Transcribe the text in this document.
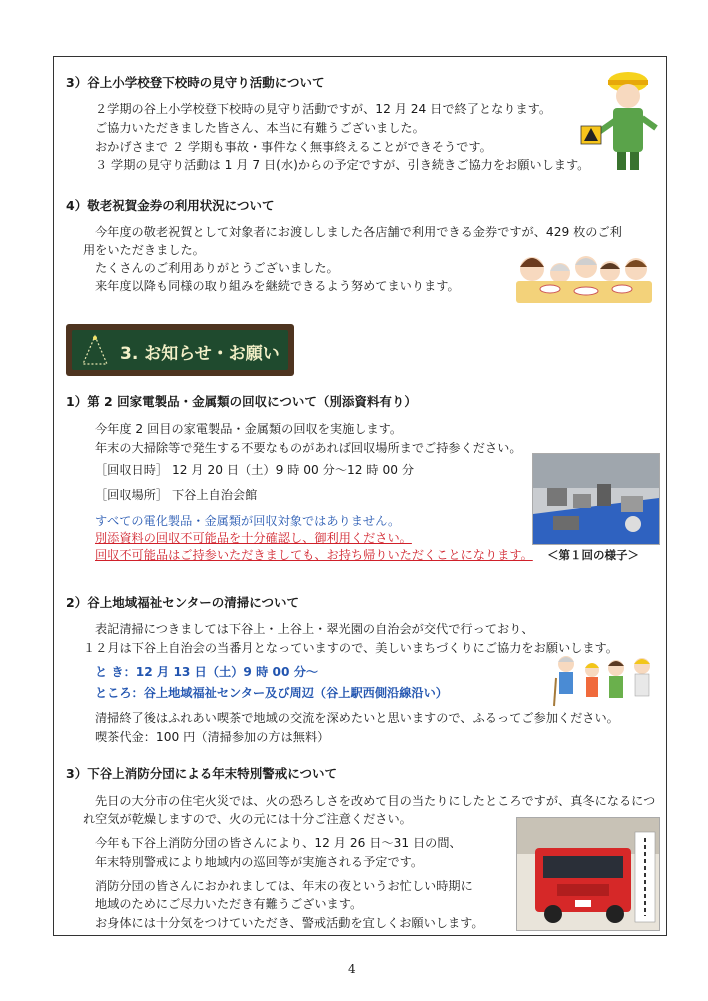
3）谷上小学校登下校時の見守り活動について
２学期の谷上小学校登下校時の見守り活動ですが、12 月 24 日で終了となります。
ご協力いただきました皆さん、本当に有難うございました。
おかげさまで ２ 学期も事故・事件なく無事終えることができそうです。
３ 学期の見守り活動は 1 月 7 日(水)からの予定ですが、引き続きご協力をお願いします。
4）敬老祝賀金券の利用状況について
今年度の敬老祝賀として対象者にお渡ししました各店舗で利用できる金券ですが、429 枚のご利
用をいただきました。
たくさんのご利用ありがとうございました。
来年度以降も同様の取り組みを継続できるよう努めてまいります。
3. お知らせ・お願い
1）第 2 回家電製品・金属類の回収について（別添資料有り）
今年度 2 回目の家電製品・金属類の回収を実施します。
年末の大掃除等で発生する不要なものがあれば回収場所までご持参ください。
［回収日時］ 12 月 20 日（土）9 時 00 分～12 時 00 分
［回収場所］ 下谷上自治会館
すべての電化製品・金属類が回収対象ではありません。
別添資料の回収不可能品を十分確認し、御利用ください。
回収不可能品はご持参いただきましても、お持ち帰りいただくことになります。 ＜第１回の様子＞
2）谷上地域福祉センターの清掃について
表記清掃につきましては下谷上・上谷上・翠光園の自治会が交代で行っており、
１２月は下谷上自治会の当番月となっていますので、美しいまちづくりにご協力をお願いします。
と き：12 月 13 日（土）9 時 00 分～
ところ：谷上地域福祉センター及び周辺（谷上駅西側沿線沿い）
清掃終了後はふれあい喫茶で地域の交流を深めたいと思いますので、ふるってご参加ください。
喫茶代金：100 円（清掃参加の方は無料）
3）下谷上消防分団による年末特別警戒について
先日の大分市の住宅火災では、火の恐ろしさを改めて目の当たりにしたところですが、真冬になるにつ
れ空気が乾燥しますので、火の元には十分ご注意ください。
今年も下谷上消防分団の皆さんにより、12 月 26 日～31 日の間、
年末特別警戒により地域内の巡回等が実施される予定です。
消防分団の皆さんにおかれましては、年末の夜というお忙しい時期に
地域のためにご尽力いただき有難うございます。
お身体には十分気をつけていただき、警戒活動を宜しくお願いします。
4
